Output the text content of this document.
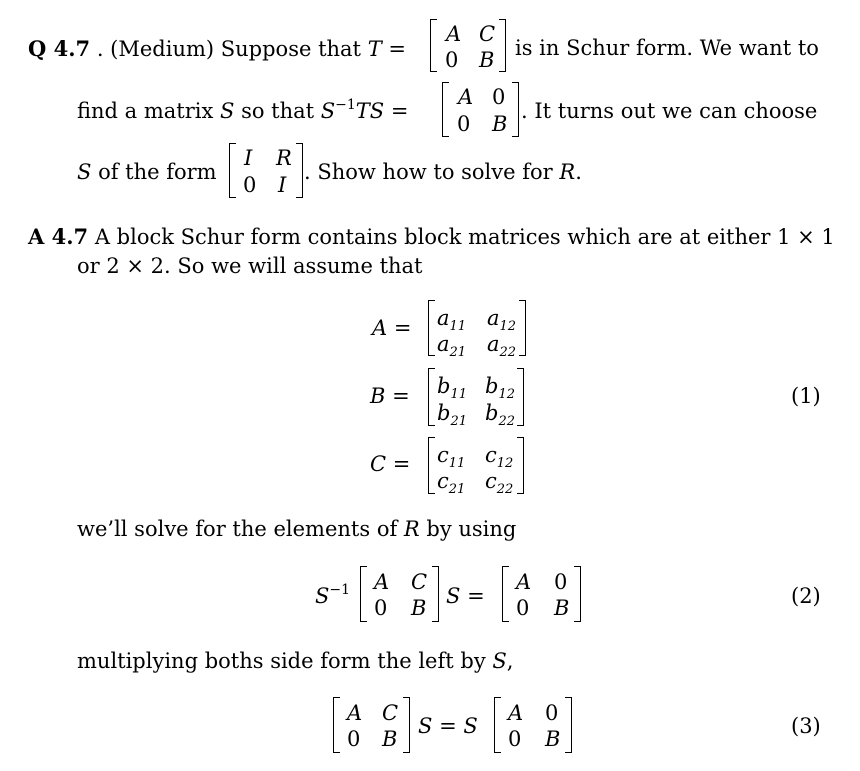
Q 4.7 . (Medium) Suppose that T =
A C
0 B is in Schur form. We want to
find a matrix S so that $S^{-1}TS$ =
A 0
0 B
. It turns out we can choose
S of the form
I R
0 I
. Show how to solve for R.
A 4.7 A block Schur form contains block matrices which are at either 1 × 1
or 2 × 2. So we will assume that
$A = a_{11}$ $a_{12}$
$a_{21}$ $a_{22}$
$B = b_{11}$ $b_{12}$
$b_{21}$ $b_{22}$
(1)
$C = c_{11}$ $c_{12}$
$c_{21}$ $c_{22}$
we’ll solve for the elements of R by using
$S^{-1}$ A C
0 B S =
A 0
0 B	(2)
multiplying boths side form the left by S,
A C
0 B
S = S
A 0
0 B
(3)
